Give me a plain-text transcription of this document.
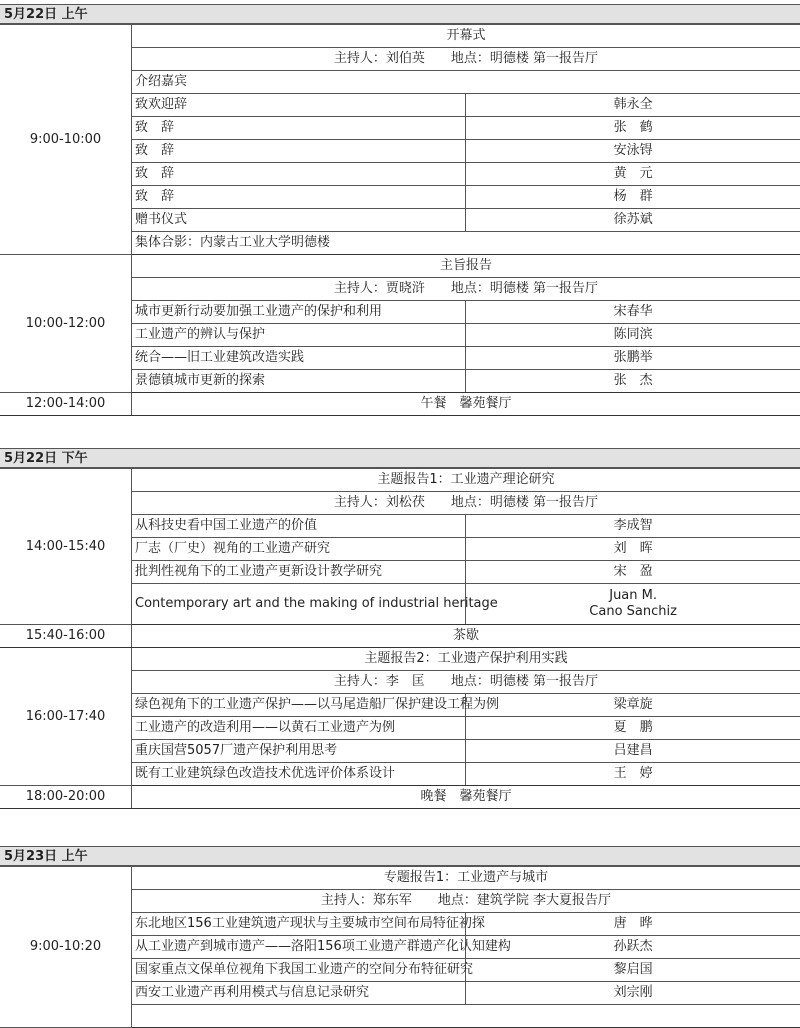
5月22日 上午
9:00-10:00	开幕式	
	主持人：刘伯英　　地点：明德楼 第一报告厅	
	介绍嘉宾	
	致欢迎辞	韩永全

	致　辞	张　鹤

	致　辞	安泳锝

	致　辞	黄　元

	致　辞	杨　群

	赠书仪式	徐苏斌

	集体合影：内蒙古工业大学明德楼	
10:00-12:00	主旨报告	
	主持人：贾晓浒　　地点：明德楼 第一报告厅	
	城市更新行动要加强工业遗产的保护和利用	宋春华

	工业遗产的辨认与保护	陈同滨

	统合——旧工业建筑改造实践	张鹏举

	景德镇城市更新的探索	张　杰

12:00-14:00	午餐　馨苑餐厅	
5月22日 下午
14:00-15:40	主题报告1：工业遗产理论研究	
	主持人：刘松茯　　地点：明德楼 第一报告厅	
	从科技史看中国工业遗产的价值	李成智

	厂志（厂史）视角的工业遗产研究	刘　晖

	批判性视角下的工业遗产更新设计教学研究	宋　盈

	Contemporary art and the making of industrial heritage	Juan M.
Cano Sanchiz

15:40-16:00	茶歇	
16:00-17:40	主题报告2：工业遗产保护利用实践	
	主持人：李　匡　　地点：明德楼 第一报告厅	
	绿色视角下的工业遗产保护——以马尾造船厂保护建设工程为例	梁章旋

	工业遗产的改造利用——以黄石工业遗产为例	夏　鹏

	重庆国营5057厂遗产保护利用思考	吕建昌

	既有工业建筑绿色改造技术优选评价体系设计	王　婷

18:00-20:00	晚餐　馨苑餐厅	
5月23日 上午
9:00-10:20	专题报告1：工业遗产与城市	
	主持人：郑东军　　地点：建筑学院 李大夏报告厅	
	东北地区156工业建筑遗产现状与主要城市空间布局特征初探	唐　晔

	从工业遗产到城市遗产——洛阳156项工业遗产群遗产化认知建构	孙跃杰

	国家重点文保单位视角下我国工业遗产的空间分布特征研究	黎启国

	西安工业遗产再利用模式与信息记录研究	刘宗刚
